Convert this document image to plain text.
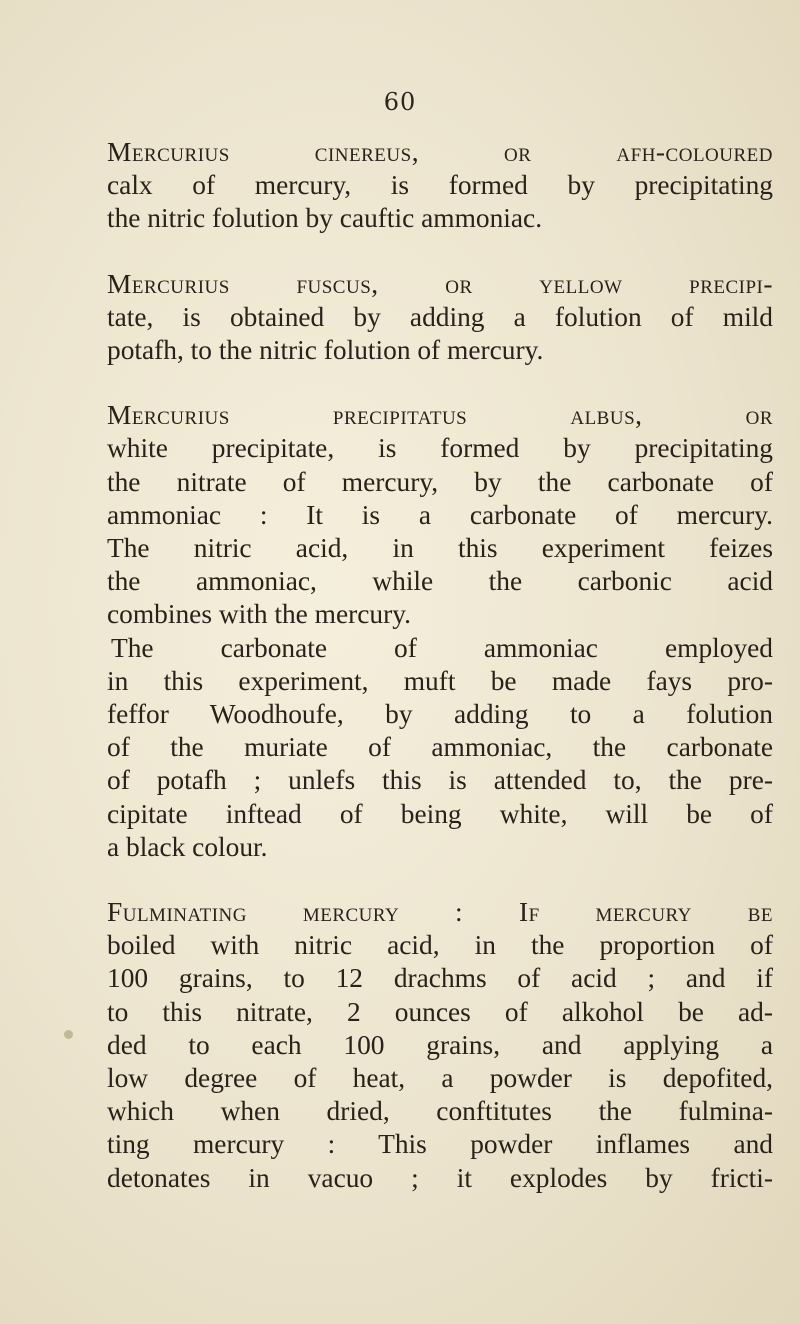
60

Mercurius cinereus, or afh-coloured
calx of mercury, is formed by precipitating
the nitric folution by cauftic ammoniac.

Mercurius fuscus, or yellow precipi-
tate, is obtained by adding a folution of mild
potafh, to the nitric folution of mercury.

Mercurius precipitatus albus, or
white precipitate, is formed by precipitating
the nitrate of mercury, by the carbonate of
ammoniac : It is a carbonate of mercury.
The nitric acid, in this experiment feizes
the ammoniac, while the carbonic acid
combines with the mercury.
The carbonate of ammoniac employed
in this experiment, muft be made fays pro-
feffor Woodhoufe, by adding to a folution
of the muriate of ammoniac, the carbonate
of potafh ; unlefs this is attended to, the pre-
cipitate inftead of being white, will be of
a black colour.

Fulminating mercury : If mercury be
boiled with nitric acid, in the proportion of
100 grains, to 12 drachms of acid ; and if
to this nitrate, 2 ounces of alkohol be ad-
ded to each 100 grains, and applying a
low degree of heat, a powder is depofited,
which when dried, conftitutes the fulmina-
ting mercury : This powder inflames and
detonates in vacuo ; it explodes by fricti-
